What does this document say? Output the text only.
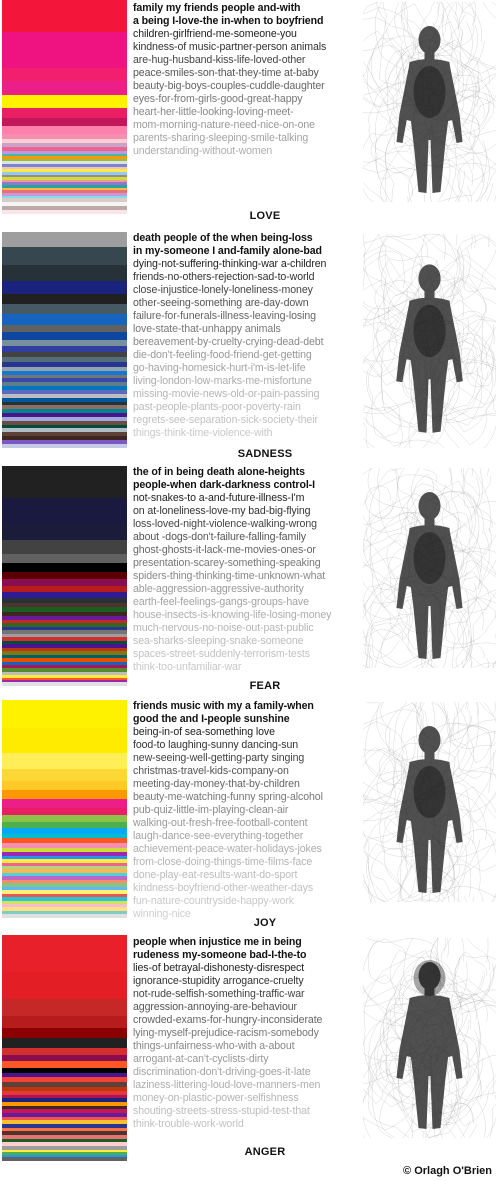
family my friends people and-with
a being I-love-the in-when to boyfriend
children-girlfriend-me-someone-you
kindness-of music-partner-person animals
are-hug-husband-kiss-life-loved-other
peace-smiles-son-that-they-time at-baby
beauty-big-boys-couples-cuddle-daughter
eyes-for-from-girls-good-great-happy
heart-her-little-looking-loving-meet-
mom-morning-nature-need-nice-on-one
parents-sharing-sleeping-smile-talking
understanding-without-women
LOVE
death people of the when being-loss
in my-someone I and-family alone-bad
dying-not-suffering-thinking-war a-children
friends-no-others-rejection-sad-to-world
close-injustice-lonely-loneliness-money
other-seeing-something are-day-down
failure-for-funerals-illness-leaving-losing
love-state-that-unhappy animals
bereavement-by-cruelty-crying-dead-debt
die-don't-feeling-food-friend-get-getting
go-having-homesick-hurt-i'm-is-let-life
living-london-low-marks-me-misfortune
missing-movie-news-old-or-pain-passing
past-people-plants-poor-poverty-rain
regrets-see-separation-sick-society-their
things-think-time-violence-with
SADNESS
the of in being death alone-heights
people-when dark-darkness control-I
not-snakes-to a-and-future-illness-I'm
on at-loneliness-love-my bad-big-flying
loss-loved-night-violence-walking-wrong
about -dogs-don't-failure-falling-family
ghost-ghosts-it-lack-me-movies-ones-or
presentation-scarey-something-speaking
spiders-thing-thinking-time-unknown-what
able-aggression-aggressive-authority
earth-feel-feelings-gangs-groups-have
house-insects-is-knowing-life-losing-money
much-nervous-no-noise-out-past-public
sea-sharks-sleeping-snake-someone
spaces-street-suddenly-terrorism-tests
think-too-unfamiliar-war
FEAR
friends music with my a family-when
good the and I-people sunshine
being-in-of sea-something love
food-to laughing-sunny dancing-sun
new-seeing-well-getting-party singing
christmas-travel-kids-company-on
meeting-day-money-that-by-children
beauty-me-watching-funny spring-alcohol
pub-quiz-little-im-playing-clean-air
walking-out-fresh-free-football-content
laugh-dance-see-everything-together
achievement-peace-water-holidays-jokes
from-close-doing-things-time-films-face
done-play-eat-results-want-do-sport
kindness-boyfriend-other-weather-days
fun-nature-countryside-happy-work
winning-nice
JOY
people when injustice me in being
rudeness my-someone bad-I-the-to
lies-of betrayal-dishonesty-disrespect
ignorance-stupidity arrogance-cruelty
not-rude-selfish-something-traffic-war
aggression-annoying-are-behaviour
crowded-exams-for-hungry-inconsiderate
lying-myself-prejudice-racism-somebody
things-unfairness-who-with a-about
arrogant-at-can't-cyclists-dirty
discrimination-don't-driving-goes-it-late
laziness-littering-loud-love-manners-men
money-on-plastic-power-selfishness
shouting-streets-stress-stupid-test-that
think-trouble-work-world
ANGER
© Orlagh O'Brien
